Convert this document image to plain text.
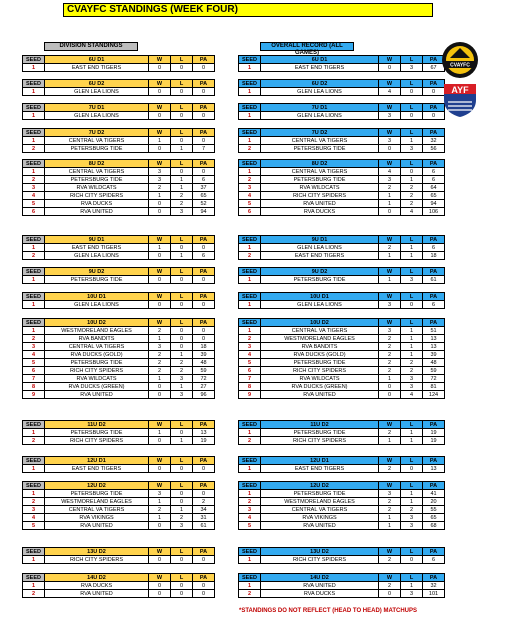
CVAYFC STANDINGS (WEEK FOUR)
DIVISION STANDINGS	OVERALL RECORD (ALL GAMES)
SEED	6U D1	W	L	PA
1	EAST END TIGERS	0	0	0
SEED	6U D2	W	L	PA
1	GLEN LEA LIONS	0	0	0
SEED	7U D1	W	L	PA
1	GLEN LEA LIONS	0	0	0
SEED	7U D2	W	L	PA
1	CENTRAL VA TIGERS	1	0	0
2	PETERSBURG TIDE	0	1	7
SEED	8U D2	W	L	PA
1	CENTRAL VA TIGERS	3	0	0
2	PETERSBURG TIDE	3	1	6
3	RVA WILDCATS	2	1	37
4	RICH CITY SPIDERS	1	2	65
5	RVA DUCKS	0	2	52
6	RVA UNITED	0	3	94
SEED	9U D1	W	L	PA
1	EAST END TIGERS	1	0	0
2	GLEN LEA LIONS	0	1	6
SEED	9U D2	W	L	PA
1	PETERSBURG TIDE	0	0	0
SEED	10U D1	W	L	PA
1	GLEN LEA LIONS	0	0	0
SEED	10U D2	W	L	PA
1	WESTMORELAND EAGLES	2	0	0
2	RVA BANDITS	1	0	0
3	CENTRAL VA TIGERS	3	0	18
4	RVA DUCKS (GOLD)	2	1	39
5	PETERSBURG TIDE	2	2	48
6	RICH CITY SPIDERS	2	2	59
7	RVA WILDCATS	1	3	72
8	RVA DUCKS (GREEN)	0	1	27
9	RVA UNITED	0	3	96
SEED	11U D2	W	L	PA
1	PETERSBURG TIDE	1	0	13
2	RICH CITY SPIDERS	0	1	19
SEED	12U D1	W	L	PA
1	EAST END TIGERS	0	0	0
SEED	12U D2	W	L	PA
1	PETERSBURG TIDE	3	0	0
2	WESTMORELAND EAGLES	1	0	2
3	CENTRAL VA TIGERS	2	1	34
4	RVA VIKINGS	1	2	31
5	RVA UNITED	0	3	61
SEED	13U D2	W	L	PA
1	RICH CITY SPIDERS	0	0	0
SEED	14U D2	W	L	PA
1	RVA DUCKS	0	0	0
2	RVA UNITED	0	0	0
SEED	6U D1	W	L	PA
1	EAST END TIGERS	0	3	67
SEED	6U D2	W	L	PA
1	GLEN LEA LIONS	4	0	0
SEED	7U D1	W	L	PA
1	GLEN LEA LIONS	3	0	0
SEED	7U D2	W	L	PA
1	CENTRAL VA TIGERS	3	1	32
2	PETERSBURG TIDE	0	3	56
SEED	8U D2	W	L	PA
1	CENTRAL VA TIGERS	4	0	6
2	PETERSBURG TIDE	3	1	6
3	RVA WILDCATS	2	2	64
4	RICH CITY SPIDERS	1	2	65
5	RVA UNITED	1	2	94
6	RVA DUCKS	0	4	106
SEED	9U D1	W	L	PA
1	GLEN LEA LIONS	2	1	6
2	EAST END TIGERS	1	1	18
SEED	9U D2	W	L	PA
1	PETERSBURG TIDE	1	3	61
SEED	10U D1	W	L	PA
1	GLEN LEA LIONS	3	0	6
SEED	10U D2	W	L	PA
1	CENTRAL VA TIGERS	3	1	51
2	WESTMORELAND EAGLES	2	1	13
3	RVA BANDITS	2	1	13
4	RVA DUCKS (GOLD)	2	1	39
5	PETERSBURG TIDE	2	2	48
6	RICH CITY SPIDERS	2	2	59
7	RVA WILDCATS	1	3	72
8	RVA DUCKS (GREEN)	0	3	81
9	RVA UNITED	0	4	124
SEED	11U D2	W	L	PA
1	PETERSBURG TIDE	2	1	19
2	RICH CITY SPIDERS	1	1	19
SEED	12U D1	W	L	PA
1	EAST END TIGERS	2	0	13
SEED	12U D2	W	L	PA
1	PETERSBURG TIDE	3	1	41
2	WESTMORELAND EAGLES	2	1	20
3	CENTRAL VA TIGERS	2	2	55
4	RVA VIKINGS	1	3	65
5	RVA UNITED	1	3	68
SEED	13U D2	W	L	PA
1	RICH CITY SPIDERS	2	0	6
SEED	14U D2	W	L	PA
1	RVA UNITED	2	1	32
2	RVA DUCKS	0	3	101
CVAYFC
AYF
*STANDINGS DO NOT REFLECT (HEAD TO HEAD) MATCHUPS
